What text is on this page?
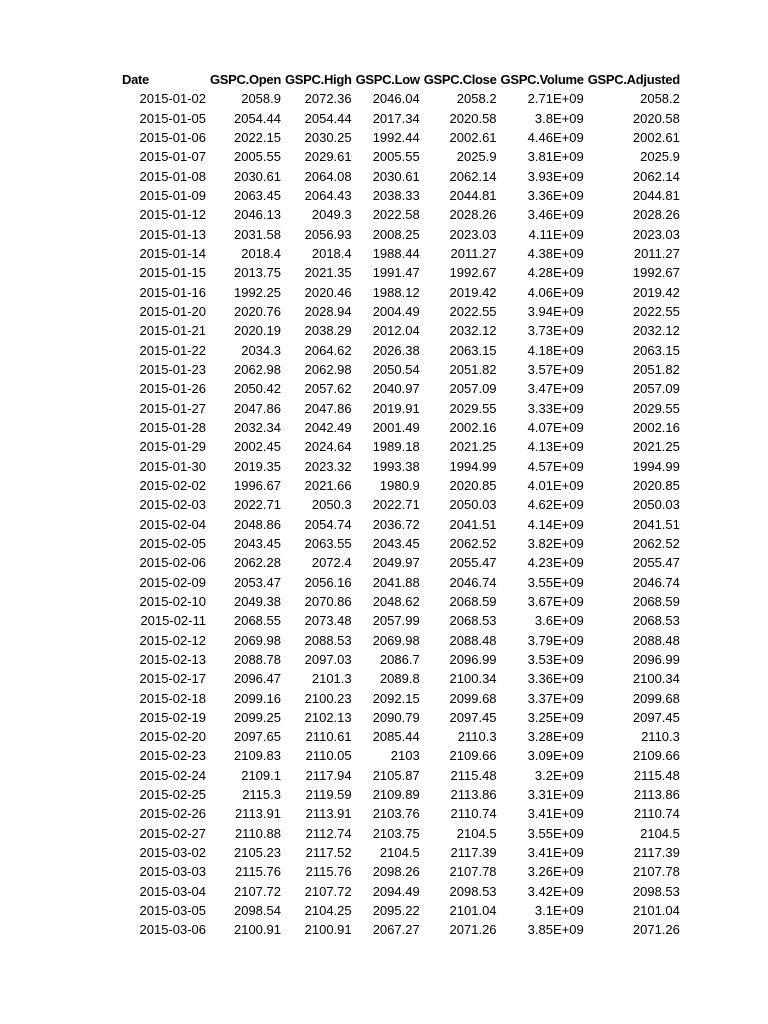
Date	GSPC.Open	GSPC.High	GSPC.Low	GSPC.Close	GSPC.Volume	GSPC.Adjusted
2015-01-02	2058.9	2072.36	2046.04	2058.2	2.71E+09	2058.2
2015-01-05	2054.44	2054.44	2017.34	2020.58	3.8E+09	2020.58
2015-01-06	2022.15	2030.25	1992.44	2002.61	4.46E+09	2002.61
2015-01-07	2005.55	2029.61	2005.55	2025.9	3.81E+09	2025.9
2015-01-08	2030.61	2064.08	2030.61	2062.14	3.93E+09	2062.14
2015-01-09	2063.45	2064.43	2038.33	2044.81	3.36E+09	2044.81
2015-01-12	2046.13	2049.3	2022.58	2028.26	3.46E+09	2028.26
2015-01-13	2031.58	2056.93	2008.25	2023.03	4.11E+09	2023.03
2015-01-14	2018.4	2018.4	1988.44	2011.27	4.38E+09	2011.27
2015-01-15	2013.75	2021.35	1991.47	1992.67	4.28E+09	1992.67
2015-01-16	1992.25	2020.46	1988.12	2019.42	4.06E+09	2019.42
2015-01-20	2020.76	2028.94	2004.49	2022.55	3.94E+09	2022.55
2015-01-21	2020.19	2038.29	2012.04	2032.12	3.73E+09	2032.12
2015-01-22	2034.3	2064.62	2026.38	2063.15	4.18E+09	2063.15
2015-01-23	2062.98	2062.98	2050.54	2051.82	3.57E+09	2051.82
2015-01-26	2050.42	2057.62	2040.97	2057.09	3.47E+09	2057.09
2015-01-27	2047.86	2047.86	2019.91	2029.55	3.33E+09	2029.55
2015-01-28	2032.34	2042.49	2001.49	2002.16	4.07E+09	2002.16
2015-01-29	2002.45	2024.64	1989.18	2021.25	4.13E+09	2021.25
2015-01-30	2019.35	2023.32	1993.38	1994.99	4.57E+09	1994.99
2015-02-02	1996.67	2021.66	1980.9	2020.85	4.01E+09	2020.85
2015-02-03	2022.71	2050.3	2022.71	2050.03	4.62E+09	2050.03
2015-02-04	2048.86	2054.74	2036.72	2041.51	4.14E+09	2041.51
2015-02-05	2043.45	2063.55	2043.45	2062.52	3.82E+09	2062.52
2015-02-06	2062.28	2072.4	2049.97	2055.47	4.23E+09	2055.47
2015-02-09	2053.47	2056.16	2041.88	2046.74	3.55E+09	2046.74
2015-02-10	2049.38	2070.86	2048.62	2068.59	3.67E+09	2068.59
2015-02-11	2068.55	2073.48	2057.99	2068.53	3.6E+09	2068.53
2015-02-12	2069.98	2088.53	2069.98	2088.48	3.79E+09	2088.48
2015-02-13	2088.78	2097.03	2086.7	2096.99	3.53E+09	2096.99
2015-02-17	2096.47	2101.3	2089.8	2100.34	3.36E+09	2100.34
2015-02-18	2099.16	2100.23	2092.15	2099.68	3.37E+09	2099.68
2015-02-19	2099.25	2102.13	2090.79	2097.45	3.25E+09	2097.45
2015-02-20	2097.65	2110.61	2085.44	2110.3	3.28E+09	2110.3
2015-02-23	2109.83	2110.05	2103	2109.66	3.09E+09	2109.66
2015-02-24	2109.1	2117.94	2105.87	2115.48	3.2E+09	2115.48
2015-02-25	2115.3	2119.59	2109.89	2113.86	3.31E+09	2113.86
2015-02-26	2113.91	2113.91	2103.76	2110.74	3.41E+09	2110.74
2015-02-27	2110.88	2112.74	2103.75	2104.5	3.55E+09	2104.5
2015-03-02	2105.23	2117.52	2104.5	2117.39	3.41E+09	2117.39
2015-03-03	2115.76	2115.76	2098.26	2107.78	3.26E+09	2107.78
2015-03-04	2107.72	2107.72	2094.49	2098.53	3.42E+09	2098.53
2015-03-05	2098.54	2104.25	2095.22	2101.04	3.1E+09	2101.04
2015-03-06	2100.91	2100.91	2067.27	2071.26	3.85E+09	2071.26
